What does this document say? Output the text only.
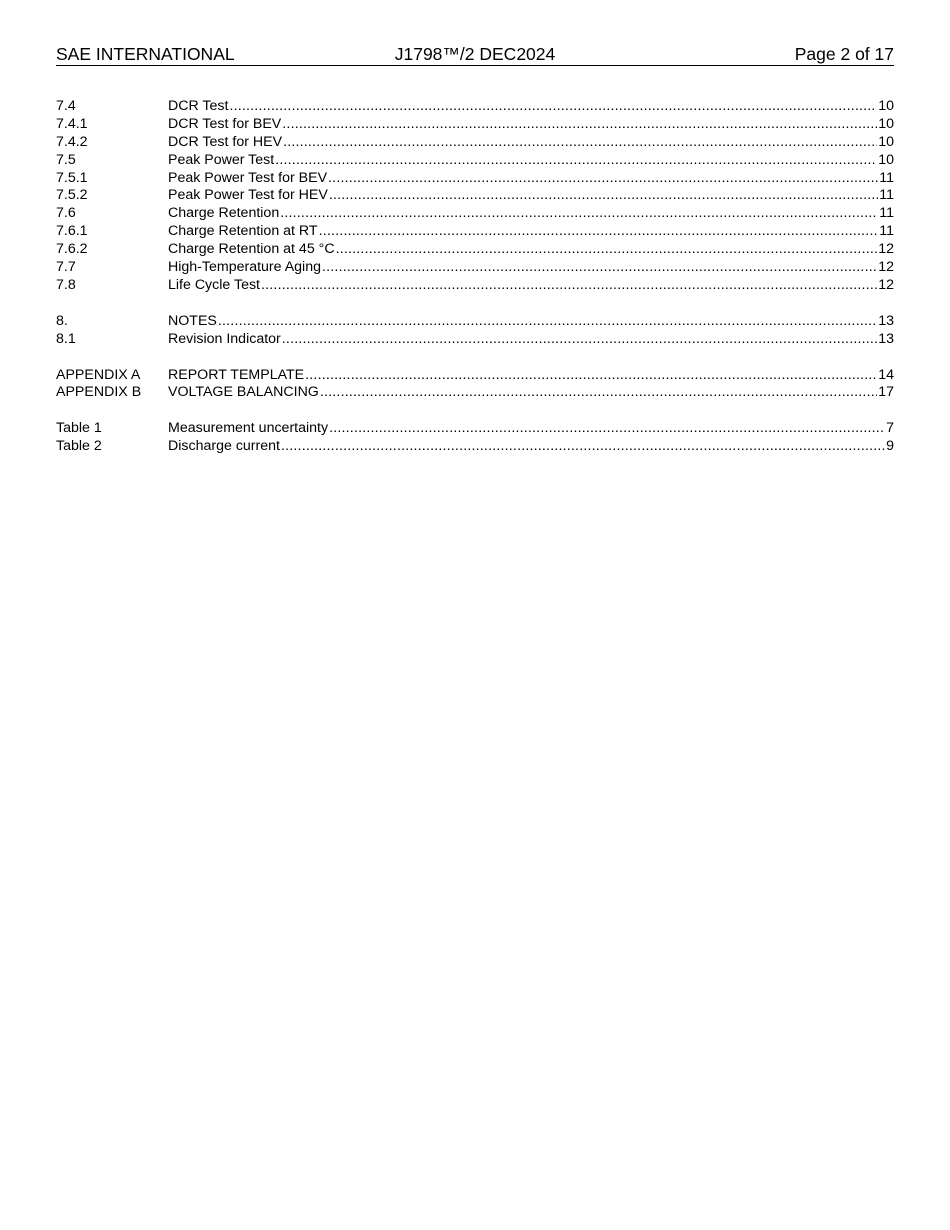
SAE INTERNATIONAL	J1798™/2 DEC2024	Page 2 of 17
7.4	DCR Test .....	10
7.4.1	DCR Test for BEV .....	10
7.4.2	DCR Test for HEV .....	10
7.5	Peak Power Test .....	10
7.5.1	Peak Power Test for BEV .....	11
7.5.2	Peak Power Test for HEV .....	11
7.6	Charge Retention .....	11
7.6.1	Charge Retention at RT .....	11
7.6.2	Charge Retention at 45 °C .....	12
7.7	High-Temperature Aging .....	12
7.8	Life Cycle Test .....	12
8.	NOTES .....	13
8.1	Revision Indicator .....	13
APPENDIX A	REPORT TEMPLATE .....	14
APPENDIX B	VOLTAGE BALANCING .....	17
Table 1	Measurement uncertainty .....	7
Table 2	Discharge current .....	9
